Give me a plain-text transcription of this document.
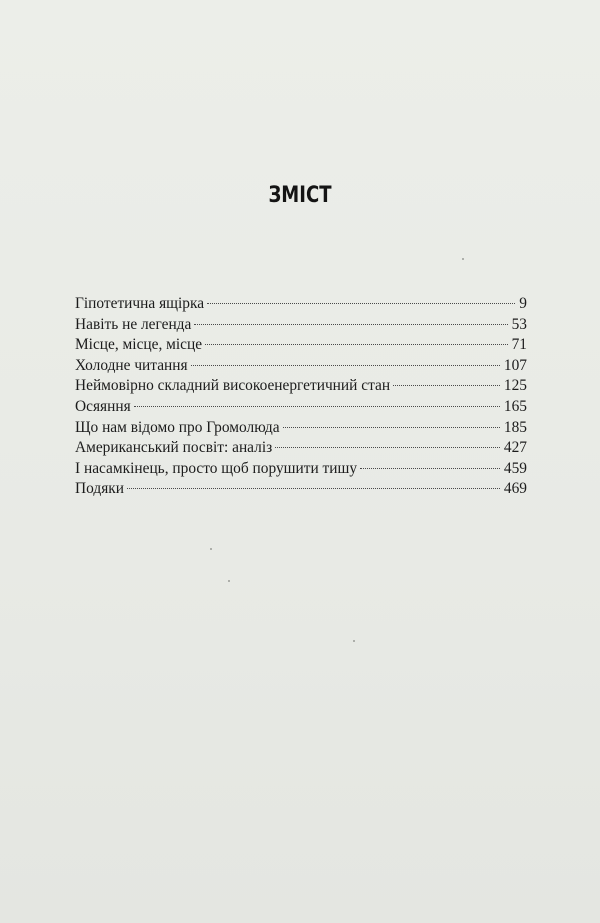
ЗМІСТ
Гіпотетична ящірка	9
Навіть не легенда	53
Місце, місце, місце	71
Холодне читання	107
Неймовірно складний високоенергетичний стан	125
Осяяння	165
Що нам відомо про Громолюда	185
Американський посвіт: аналіз	427
І насамкінець, просто щоб порушити тишу	459
Подяки	469
